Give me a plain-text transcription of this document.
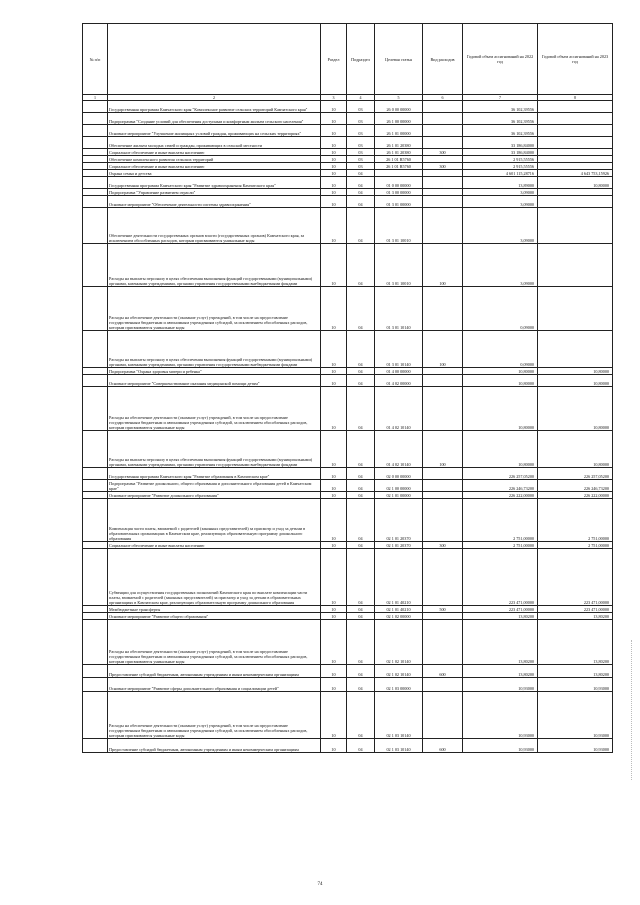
№ п/п		Раздел	Подраздел	Целевая статья	Вид расходов	Годовой объем ассигнований на 2022 год	Годовой объем ассигнований на 2023 год
1	2	3	4	5	6	7	8
	Государственная программа Камчатского края "Комплексное развитие сельских территорий Камчатского края"	10	03	26 0 00 00000		36 102,39556	
	Подпрограмма "Создание условий для обеспечения доступным и комфортным жильем сельского населения"	10	03	26 1 00 00000		36 102,39556	
	Основное мероприятие "Улучшение жилищных условий граждан, проживающих на сельских территориях"	10	03	26 1 01 00000		36 102,39556	
	Обеспечение жильем молодых семей и граждан, проживающих в сельской местности	10	03	26 1 01 20380		33 186,84000	
	Социальное обеспечение и иные выплаты населению	10	03	26 1 01 20380	300	33 186,84000	
	Обеспечение комплексного развития сельских территорий	10	03	26 1 01 R5760		2 915,55556	
	Социальное обеспечение и иные выплаты населению	10	03	26 1 01 R5760	300	2 915,55556	
	Охрана семьи и детства	10	04			4 601 115,28716	4 643 753,15926
	Государственная программа Камчатского края "Развитие здравоохранения Камчатского края"	10	04	01 0 00 00000		13,89000	10,80000
	Подпрограмма "Управление развитием отрасли"	10	04	01 3 00 00000		3,09000	
	Основное мероприятие "Обеспечение деятельности системы здравоохранения"	10	04	01 3 01 00000		3,09000	
	Обеспечение деятельности государственных органов власти (государственных органов) Камчатского края, за исключением обособленных расходов, которым присваиваются уникальные коды	10	04	01 3 01 10010		3,09000	
	Расходы на выплаты персоналу в целях обеспечения выполнения функций государственными (муниципальными) органами, казенными учреждениями, органами управления государственными внебюджетными фондами	10	04	01 3 01 10010	100	3,09000	
	Расходы на обеспечение деятельности (оказание услуг) учреждений, в том числе на предоставление государственным бюджетным и автономным учреждениям субсидий, за исключением обособленных расходов, которым присваиваются уникальные коды	10	04	01 3 01 10140		0,09000	
	Расходы на выплаты персоналу в целях обеспечения выполнения функций государственными (муниципальными) органами, казенными учреждениями, органами управления государственными внебюджетными фондами	10	04	01 3 01 10140	100	0,09000	
	Подпрограмма "Охрана здоровья матери и ребенка"	10	04	01 4 00 00000		10,80000	10,80000
	Основное мероприятие "Совершенствование оказания медицинской помощи детям"	10	04	01 4 02 00000		10,80000	10,80000
	Расходы на обеспечение деятельности (оказание услуг) учреждений, в том числе на предоставление государственным бюджетным и автономным учреждениям субсидий, за исключением обособленных расходов, которым присваиваются уникальные коды	10	04	01 4 02 10140		10,80000	10,80000
	Расходы на выплаты персоналу в целях обеспечения выполнения функций государственными (муниципальными) органами, казенными учреждениями, органами управления государственными внебюджетными фондами	10	04	01 4 02 10140	100	10,80000	10,80000
	Государственная программа Камчатского края "Развитие образования в Камчатском крае"	10	04	02 0 00 00000		226 257,05200	226 257,05200
	Подпрограмма "Развитие дошкольного, общего образования и дополнительного образования детей в Камчатском крае"	10	04	02 1 00 00000		226 246,73200	226 246,73200
	Основное мероприятие "Развитие дошкольного образования"	10	04	02 1 01 00000		226 222,00000	226 222,00000
	Компенсация части платы, взимаемой с родителей (законных представителей) за присмотр и уход за детьми в образовательных организациях в Камчатском крае, реализующих образовательную программу дошкольного образования	10	04	02 1 01 20370		2 751,00000	2 751,00000
	Социальное обеспечение и иные выплаты населению	10	04	02 1 01 20370	300	2 751,00000	2 751,00000
	Субвенции для осуществления государственных полномочий Камчатского края по выплате компенсации части платы, взимаемой с родителей (законных представителей) за присмотр и уход за детьми в образовательных организациях в Камчатском крае, реализующих образовательную программу дошкольного образования	10	04	02 1 01 40210		223 471,00000	223 471,00000
	Межбюджетные трансферты	10	04	02 1 01 40210	500	223 471,00000	223 471,00000
	Основное мероприятие "Развитие общего образования"	10	04	02 1 02 00000		13,80200	13,80200
	Расходы на обеспечение деятельности (оказание услуг) учреждений, в том числе на предоставление государственным бюджетным и автономным учреждениям субсидий, за исключением обособленных расходов, которым присваиваются уникальные коды	10	04	02 1 02 10140		13,80200	13,80200
	Предоставление субсидий бюджетным, автономным учреждениям и иным некоммерческим организациям	10	04	02 1 02 10140	600	13,80200	13,80200
	Основное мероприятие "Развитие сферы дополнительного образования и социализации детей"	10	04	02 1 03 00000		10,93000	10,93000
	Расходы на обеспечение деятельности (оказание услуг) учреждений, в том числе на предоставление государственным бюджетным и автономным учреждениям субсидий, за исключением обособленных расходов, которым присваиваются уникальные коды	10	04	02 1 03 10140		10,93000	10,93000
	Предоставление субсидий бюджетным, автономным учреждениям и иным некоммерческим организациям	10	04	02 1 03 10140	600	10,93000	10,93000
74
